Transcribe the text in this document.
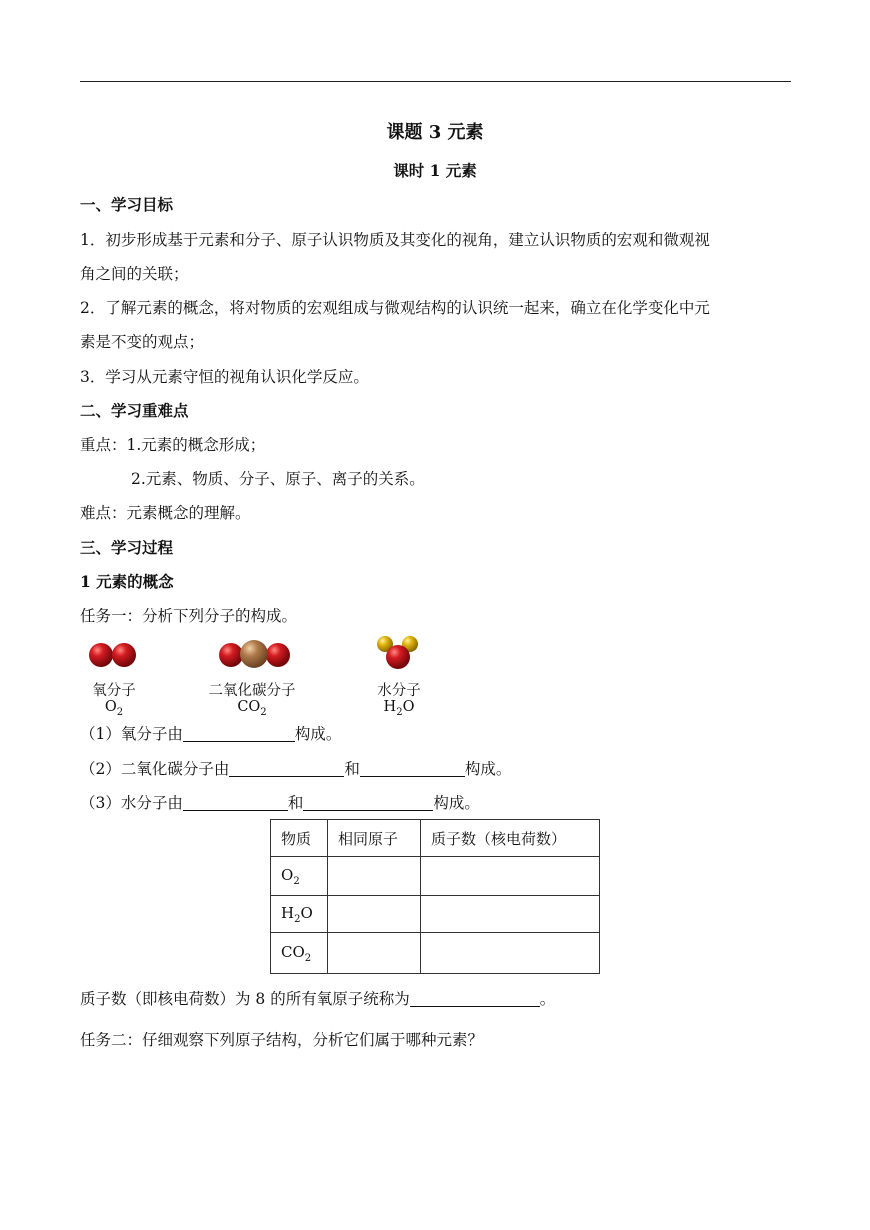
课题 3 元素
课时 1 元素
一、学习目标
1．初步形成基于元素和分子、原子认识物质及其变化的视角，建立认识物质的宏观和微观视
角之间的关联；
2．了解元素的概念，将对物质的宏观组成与微观结构的认识统一起来，确立在化学变化中元
素是不变的观点；
3．学习从元素守恒的视角认识化学反应。
二、学习重难点
重点：1.元素的概念形成；
2.元素、物质、分子、原子、离子的关系。
难点：元素概念的理解。
三、学习过程
1 元素的概念
任务一：分析下列分子的构成。
氧分子
$O_2$
二氧化碳分子
$CO_2$
水分子
$H_2O$
（1）氧分子由	构成。
（2）二氧化碳分子由	和	构成。
（3）水分子由	和	构成。
物质	相同原子	质子数（核电荷数）
$O_2$		
$H_2O$		
$CO_2$		
质子数（即核电荷数）为 8 的所有氧原子统称为	。
任务二：仔细观察下列原子结构，分析它们属于哪种元素？
